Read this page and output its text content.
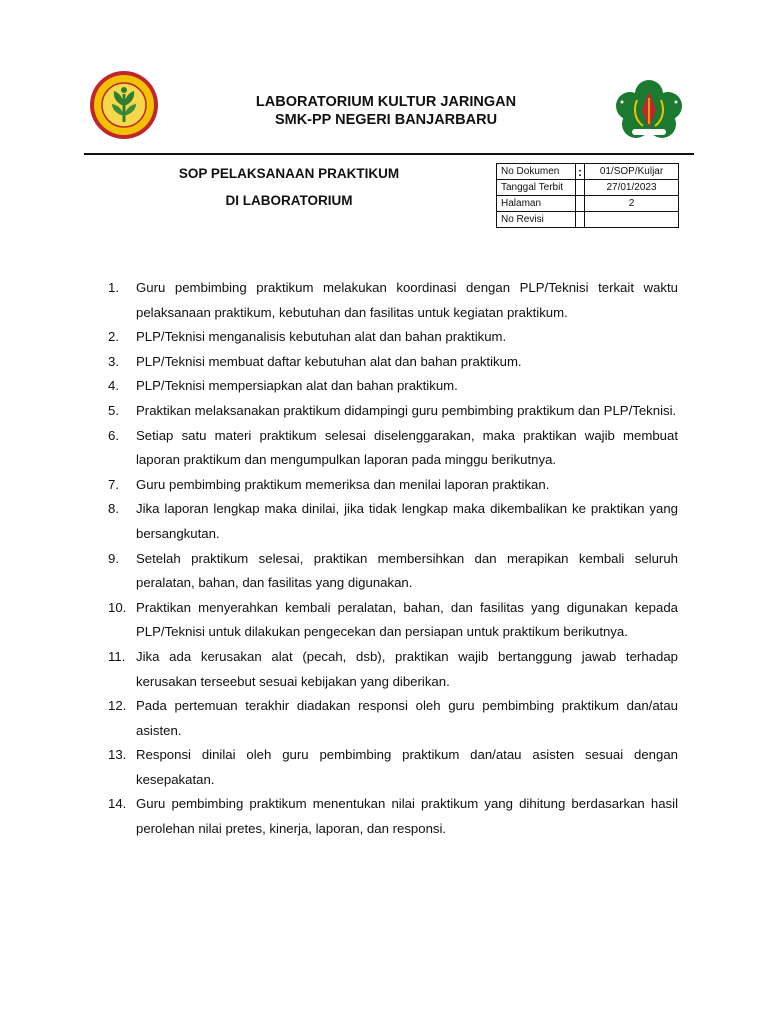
LABORATORIUM KULTUR JARINGAN
SMK-PP NEGERI BANJARBARU
SOP PELAKSANAAN PRAKTIKUM
DI LABORATORIUM
No Dokumen	:	01/SOP/Kuljar
Tanggal Terbit		27/01/2023
Halaman		2
No Revisi		
1.	Guru pembimbing praktikum melakukan koordinasi dengan PLP/Teknisi terkait waktu pelaksanaan praktikum, kebutuhan dan fasilitas untuk kegiatan praktikum.
2.	PLP/Teknisi menganalisis kebutuhan alat dan bahan praktikum.
3.	PLP/Teknisi membuat daftar kebutuhan alat dan bahan praktikum.
4.	PLP/Teknisi mempersiapkan alat dan bahan praktikum.
5.	Praktikan melaksanakan praktikum didampingi guru pembimbing praktikum dan PLP/Teknisi.
6.	Setiap satu materi praktikum selesai diselenggarakan, maka praktikan wajib membuat laporan praktikum dan mengumpulkan laporan pada minggu berikutnya.
7.	Guru pembimbing praktikum memeriksa dan menilai laporan praktikan.
8.	Jika laporan lengkap maka dinilai, jika tidak lengkap maka dikembalikan ke praktikan yang bersangkutan.
9.	Setelah praktikum selesai, praktikan membersihkan dan merapikan kembali seluruh peralatan, bahan, dan fasilitas yang digunakan.
10. Praktikan menyerahkan kembali peralatan, bahan, dan fasilitas yang digunakan kepada PLP/Teknisi untuk dilakukan pengecekan dan persiapan untuk praktikum berikutnya.
11. Jika ada kerusakan alat (pecah, dsb), praktikan wajib bertanggung jawab terhadap kerusakan terseebut sesuai kebijakan yang diberikan.
12. Pada pertemuan terakhir diadakan responsi oleh guru pembimbing praktikum dan/atau asisten.
13. Responsi dinilai oleh guru pembimbing praktikum dan/atau asisten sesuai dengan kesepakatan.
14. Guru pembimbing praktikum menentukan nilai praktikum yang dihitung berdasarkan hasil perolehan nilai pretes, kinerja, laporan, dan responsi.
